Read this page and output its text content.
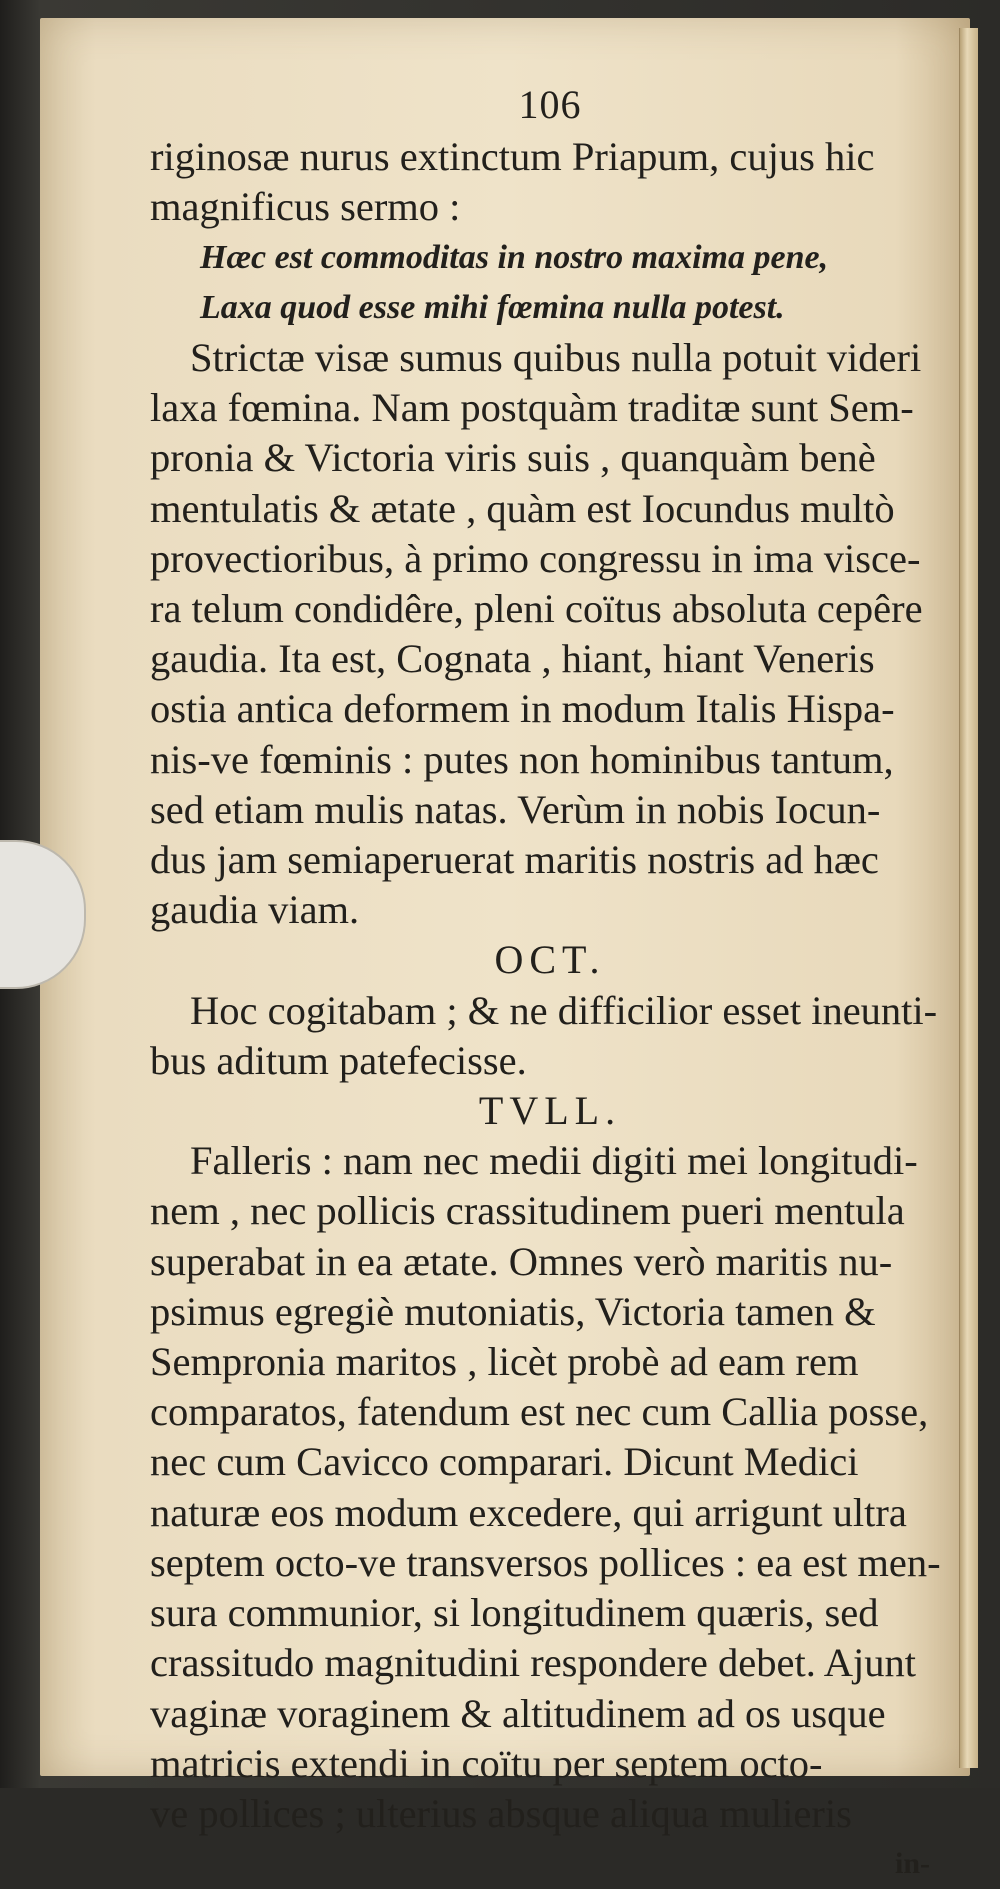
106
riginosæ nurus extinctum Priapum, cujus hic
magnificus sermo :
Hæc est commoditas in nostro maxima pene,
Laxa quod esse mihi fœmina nulla potest.
Strictæ visæ sumus quibus nulla potuit videri
laxa fœmina. Nam postquàm traditæ sunt Sem-
pronia & Victoria viris suis , quanquàm benè
mentulatis & ætate , quàm est Iocundus multò
provectioribus, à primo congressu in ima visce-
ra telum condidêre, pleni coïtus absoluta cepêre
gaudia. Ita est, Cognata , hiant, hiant Veneris
ostia antica deformem in modum Italis Hispa-
nis-ve fœminis : putes non hominibus tantum,
sed etiam mulis natas. Verùm in nobis Iocun-
dus jam semiaperuerat maritis nostris ad hæc
gaudia viam.
OCT.
Hoc cogitabam ; & ne difficilior esset ineunti-
bus aditum patefecisse.
TVLL.
Falleris : nam nec medii digiti mei longitudi-
nem , nec pollicis crassitudinem pueri mentula
superabat in ea ætate. Omnes verò maritis nu-
psimus egregiè mutoniatis, Victoria tamen &
Sempronia maritos , licèt probè ad eam rem
comparatos, fatendum est nec cum Callia posse,
nec cum Cavicco comparari. Dicunt Medici
naturæ eos modum excedere, qui arrigunt ultra
septem octo-ve transversos pollices : ea est men-
sura communior, si longitudinem quæris, sed
crassitudo magnitudini respondere debet. Ajunt
vaginæ voraginem & altitudinem ad os usque
matricis extendi in coïtu per septem octo-
ve pollices ; ulterius absque aliqua mulieris
in-
